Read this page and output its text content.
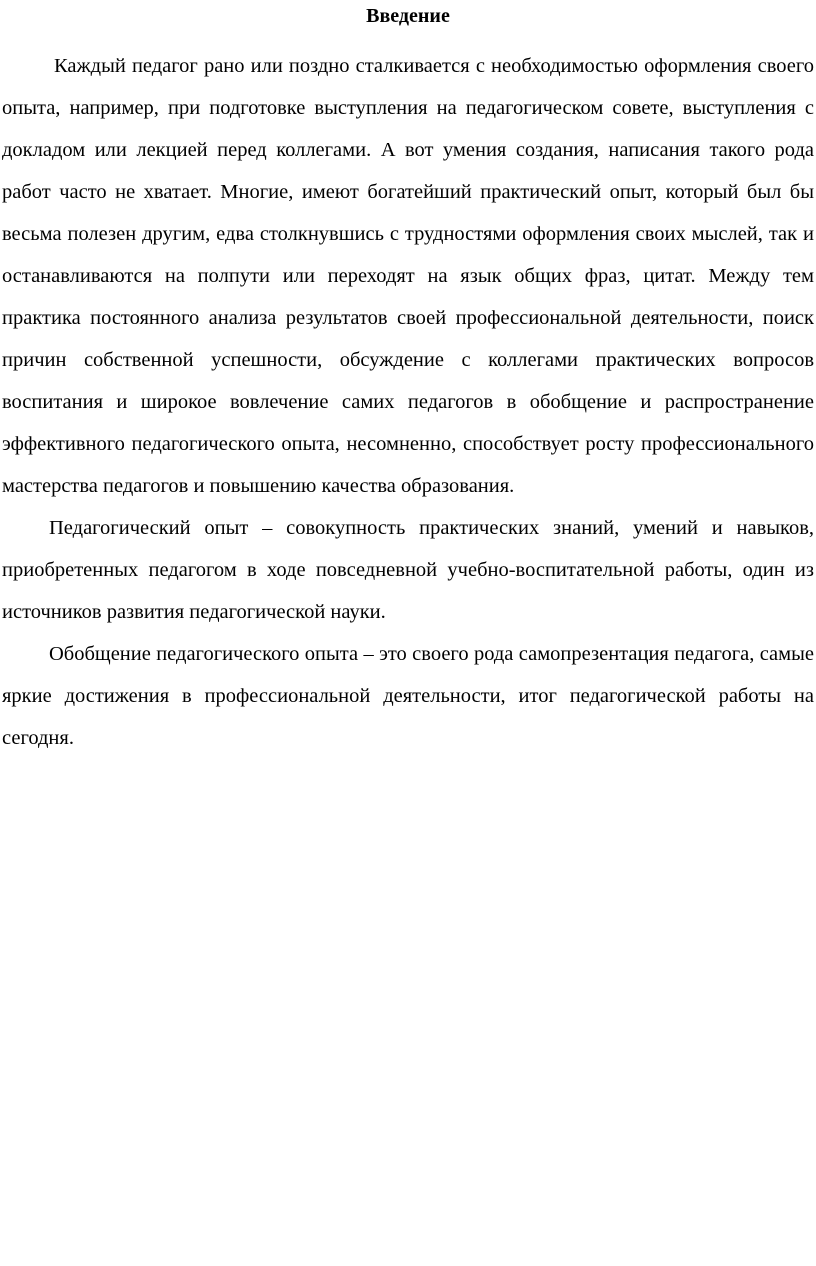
Введение

Каждый педагог рано или поздно сталкивается с необходимостью оформления своего опыта, например, при подготовке выступления на педагогическом совете, выступления с докладом или лекцией перед коллегами. А вот умения создания, написания такого рода работ часто не хватает. Многие, имеют богатейший практический опыт, который был бы весьма полезен другим, едва столкнувшись с трудностями оформления своих мыслей, так и останавливаются на полпути или переходят на язык общих фраз, цитат. Между тем практика постоянного анализа результатов своей профессиональной деятельности, поиск причин собственной успешности, обсуждение с коллегами практических вопросов воспитания и широкое вовлечение самих педагогов в обобщение и распространение эффективного педагогического опыта, несомненно, способствует росту профессионального мастерства педагогов и повышению качества образования.

Педагогический опыт – совокупность практических знаний, умений и навыков, приобретенных педагогом в ходе повседневной учебно-воспитательной работы, один из источников развития педагогической науки.

Обобщение педагогического опыта – это своего рода самопрезентация педагога, самые яркие достижения в профессиональной деятельности, итог педагогической работы на сегодня.
